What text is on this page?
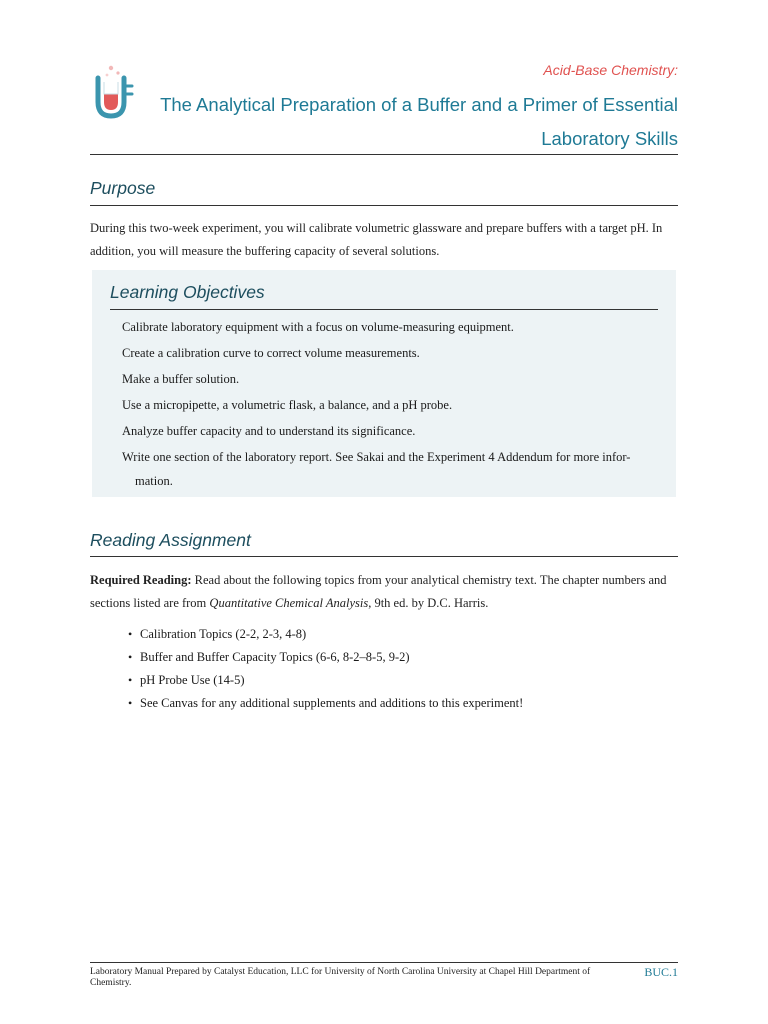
Acid-Base Chemistry:
The Analytical Preparation of a Buffer and a Primer of Essential Laboratory Skills
Purpose
During this two-week experiment, you will calibrate volumetric glassware and prepare buffers with a target pH. In addition, you will measure the buffering capacity of several solutions.
Learning Objectives
Calibrate laboratory equipment with a focus on volume-measuring equipment.
Create a calibration curve to correct volume measurements.
Make a buffer solution.
Use a micropipette, a volumetric flask, a balance, and a pH probe.
Analyze buffer capacity and to understand its significance.
Write one section of the laboratory report. See Sakai and the Experiment 4 Addendum for more infor-
mation.
Reading Assignment
Required Reading: Read about the following topics from your analytical chemistry text. The chapter numbers and sections listed are from Quantitative Chemical Analysis, 9th ed. by D.C. Harris.
• Calibration Topics (2-2, 2-3, 4-8)
• Buffer and Buffer Capacity Topics (6-6, 8-2–8-5, 9-2)
• pH Probe Use (14-5)
• See Canvas for any additional supplements and additions to this experiment!
Laboratory Manual Prepared by Catalyst Education, LLC for University of North Carolina University at Chapel Hill Department of Chemistry.
BUC.1
